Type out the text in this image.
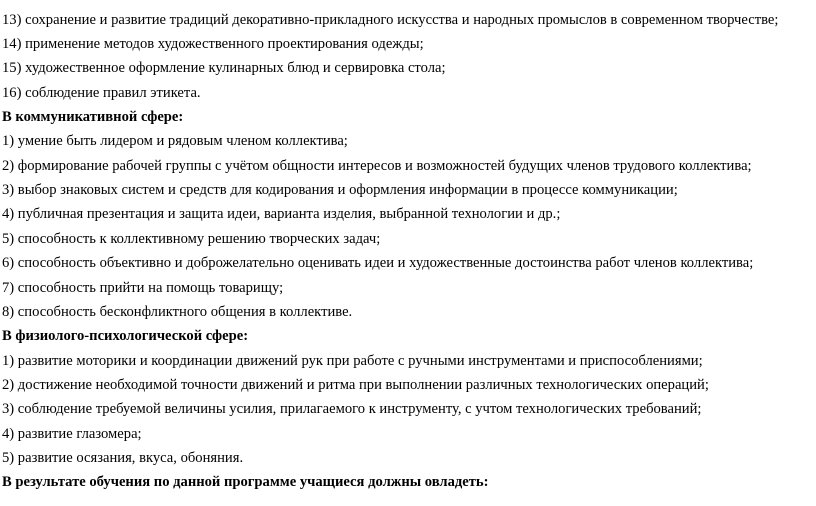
13) сохранение и развитие традиций декоративно-прикладного искусства и народных промыслов в современном творчестве;

14) применение методов художественного проектирования одежды;

15) художественное оформление кулинарных блюд и сервировка стола;

16) соблюдение правил этикета.

В коммуникативной сфере:

1) умение быть лидером и рядовым членом коллектива;

2) формирование рабочей группы с учётом общности интересов и возможностей будущих членов трудового коллектива;

3) выбор знаковых систем и средств для кодирования и оформления информации в процессе коммуникации;

4) публичная презентация и защита идеи, варианта изделия, выбранной технологии и др.;

5) способность к коллективному решению творческих задач;

6) способность объективно и доброжелательно оценивать идеи и художественные достоинства работ членов коллектива;

7) способность прийти на помощь товарищу;

8) способность бесконфликтного общения в коллективе.

В физиолого-психологической сфере:

1) развитие моторики и координации движений рук при работе с ручными инструментами и приспособлениями;

2) достижение необходимой точности движений и ритма при выполнении различных технологических операций;

3) соблюдение требуемой величины усилия, прилагаемого к инструменту, с учтом технологических требований;

4) развитие глазомера;

5) развитие осязания, вкуса, обоняния.

В результате обучения по данной программе учащиеся должны овладеть:
